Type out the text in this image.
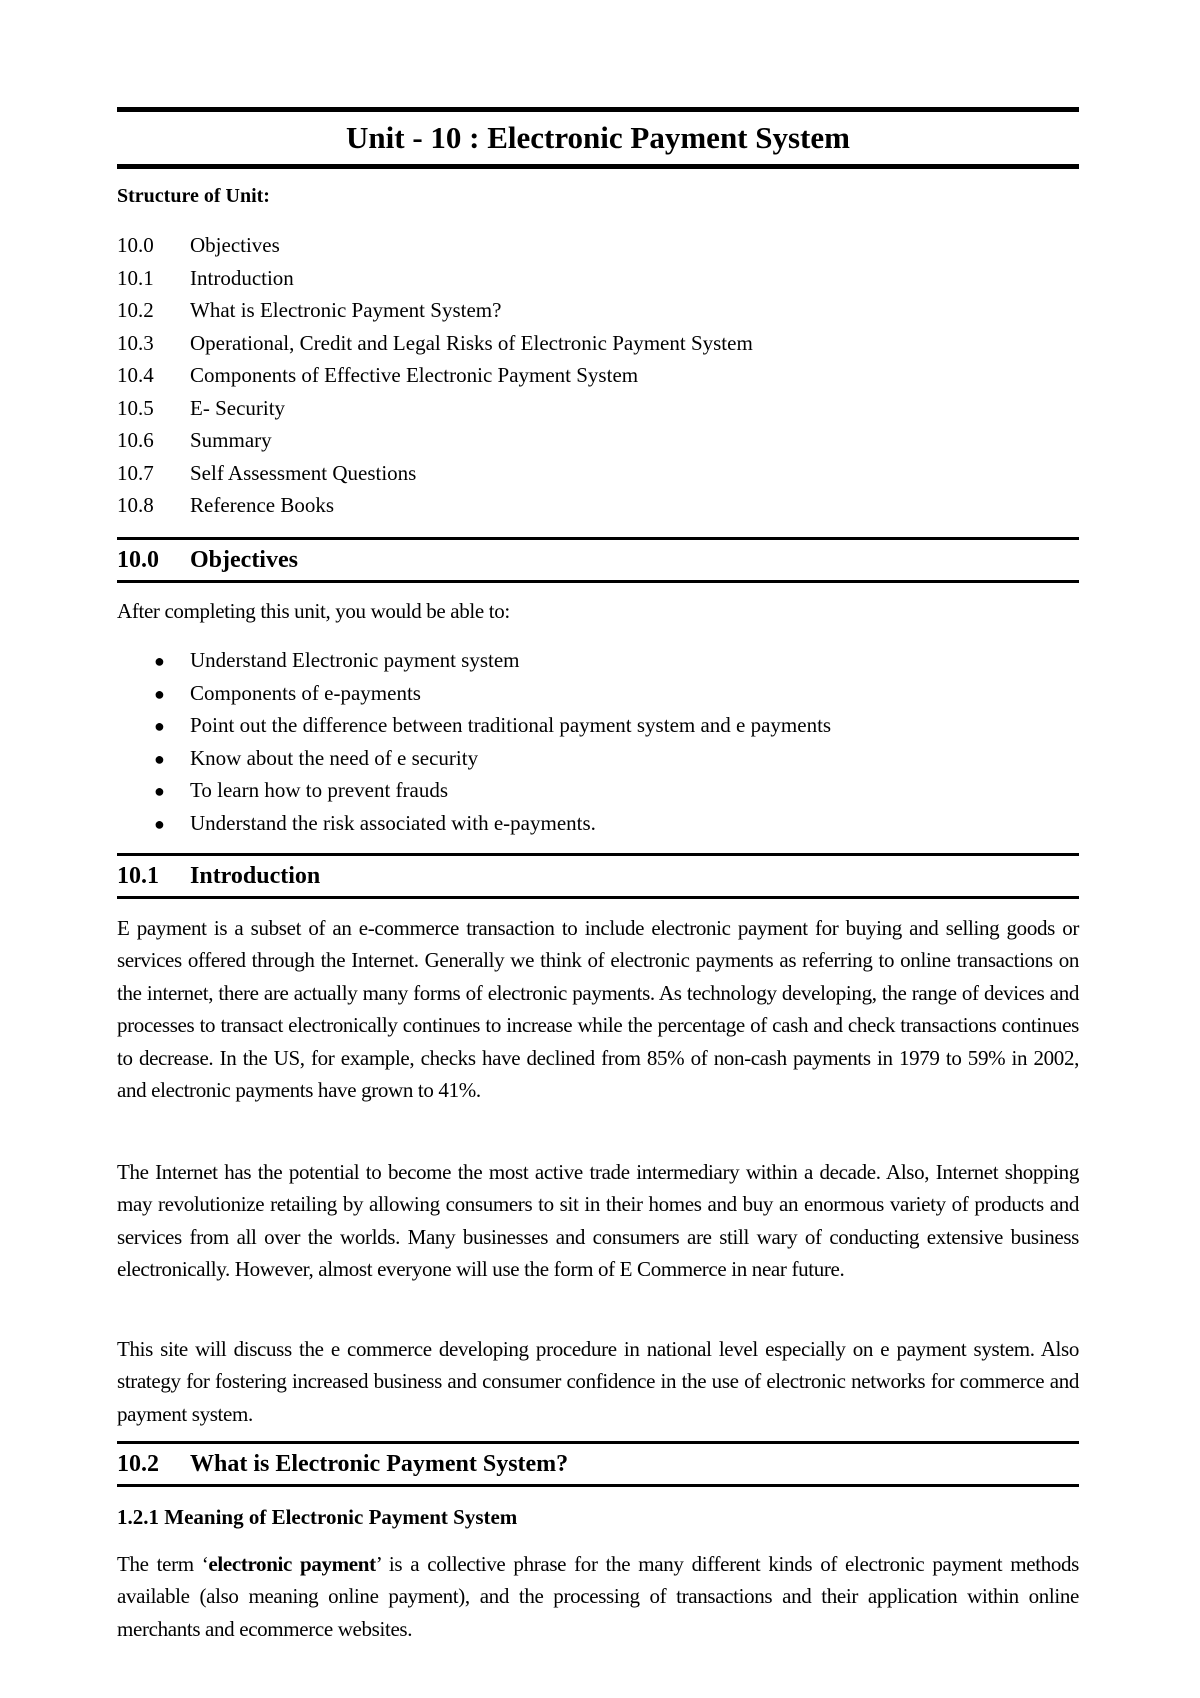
Unit - 10 : Electronic Payment System
Structure of Unit:
10.0 Objectives
10.1 Introduction
10.2 What is Electronic Payment System?
10.3 Operational, Credit and Legal Risks of Electronic Payment System
10.4 Components of Effective Electronic Payment System
10.5 E- Security
10.6 Summary
10.7 Self Assessment Questions
10.8 Reference Books
10.0 Objectives

After completing this unit, you would be able to:

● Understand Electronic payment system
● Components of e-payments
● Point out the difference between traditional payment system and e payments
● Know about the need of e security
● To learn how to prevent frauds
● Understand the risk associated with e-payments.
10.1 Introduction

E payment is a subset of an e-commerce transaction to include electronic payment for buying and selling goods or services offered through the Internet. Generally we think of electronic payments as referring to online transactions on the internet, there are actually many forms of electronic payments. As technology developing, the range of devices and processes to transact electronically continues to increase while the percentage of cash and check transactions continues to decrease. In the US, for example, checks have declined from 85% of non-cash payments in 1979 to 59% in 2002, and electronic payments have grown to 41%.

The Internet has the potential to become the most active trade intermediary within a decade. Also, Internet shopping may revolutionize retailing by allowing consumers to sit in their homes and buy an enormous variety of products and services from all over the worlds. Many businesses and consumers are still wary of conducting extensive business electronically. However, almost everyone will use the form of E Commerce in near future.

This site will discuss the e commerce developing procedure in national level especially on e payment system. Also strategy for fostering increased business and consumer confidence in the use of electronic networks for commerce and payment system.

10.2 What is Electronic Payment System?
1.2.1 Meaning of Electronic Payment System

The term ‘electronic payment’ is a collective phrase for the many different kinds of electronic payment methods available (also meaning online payment), and the processing of transactions and their application within online merchants and ecommerce websites.
